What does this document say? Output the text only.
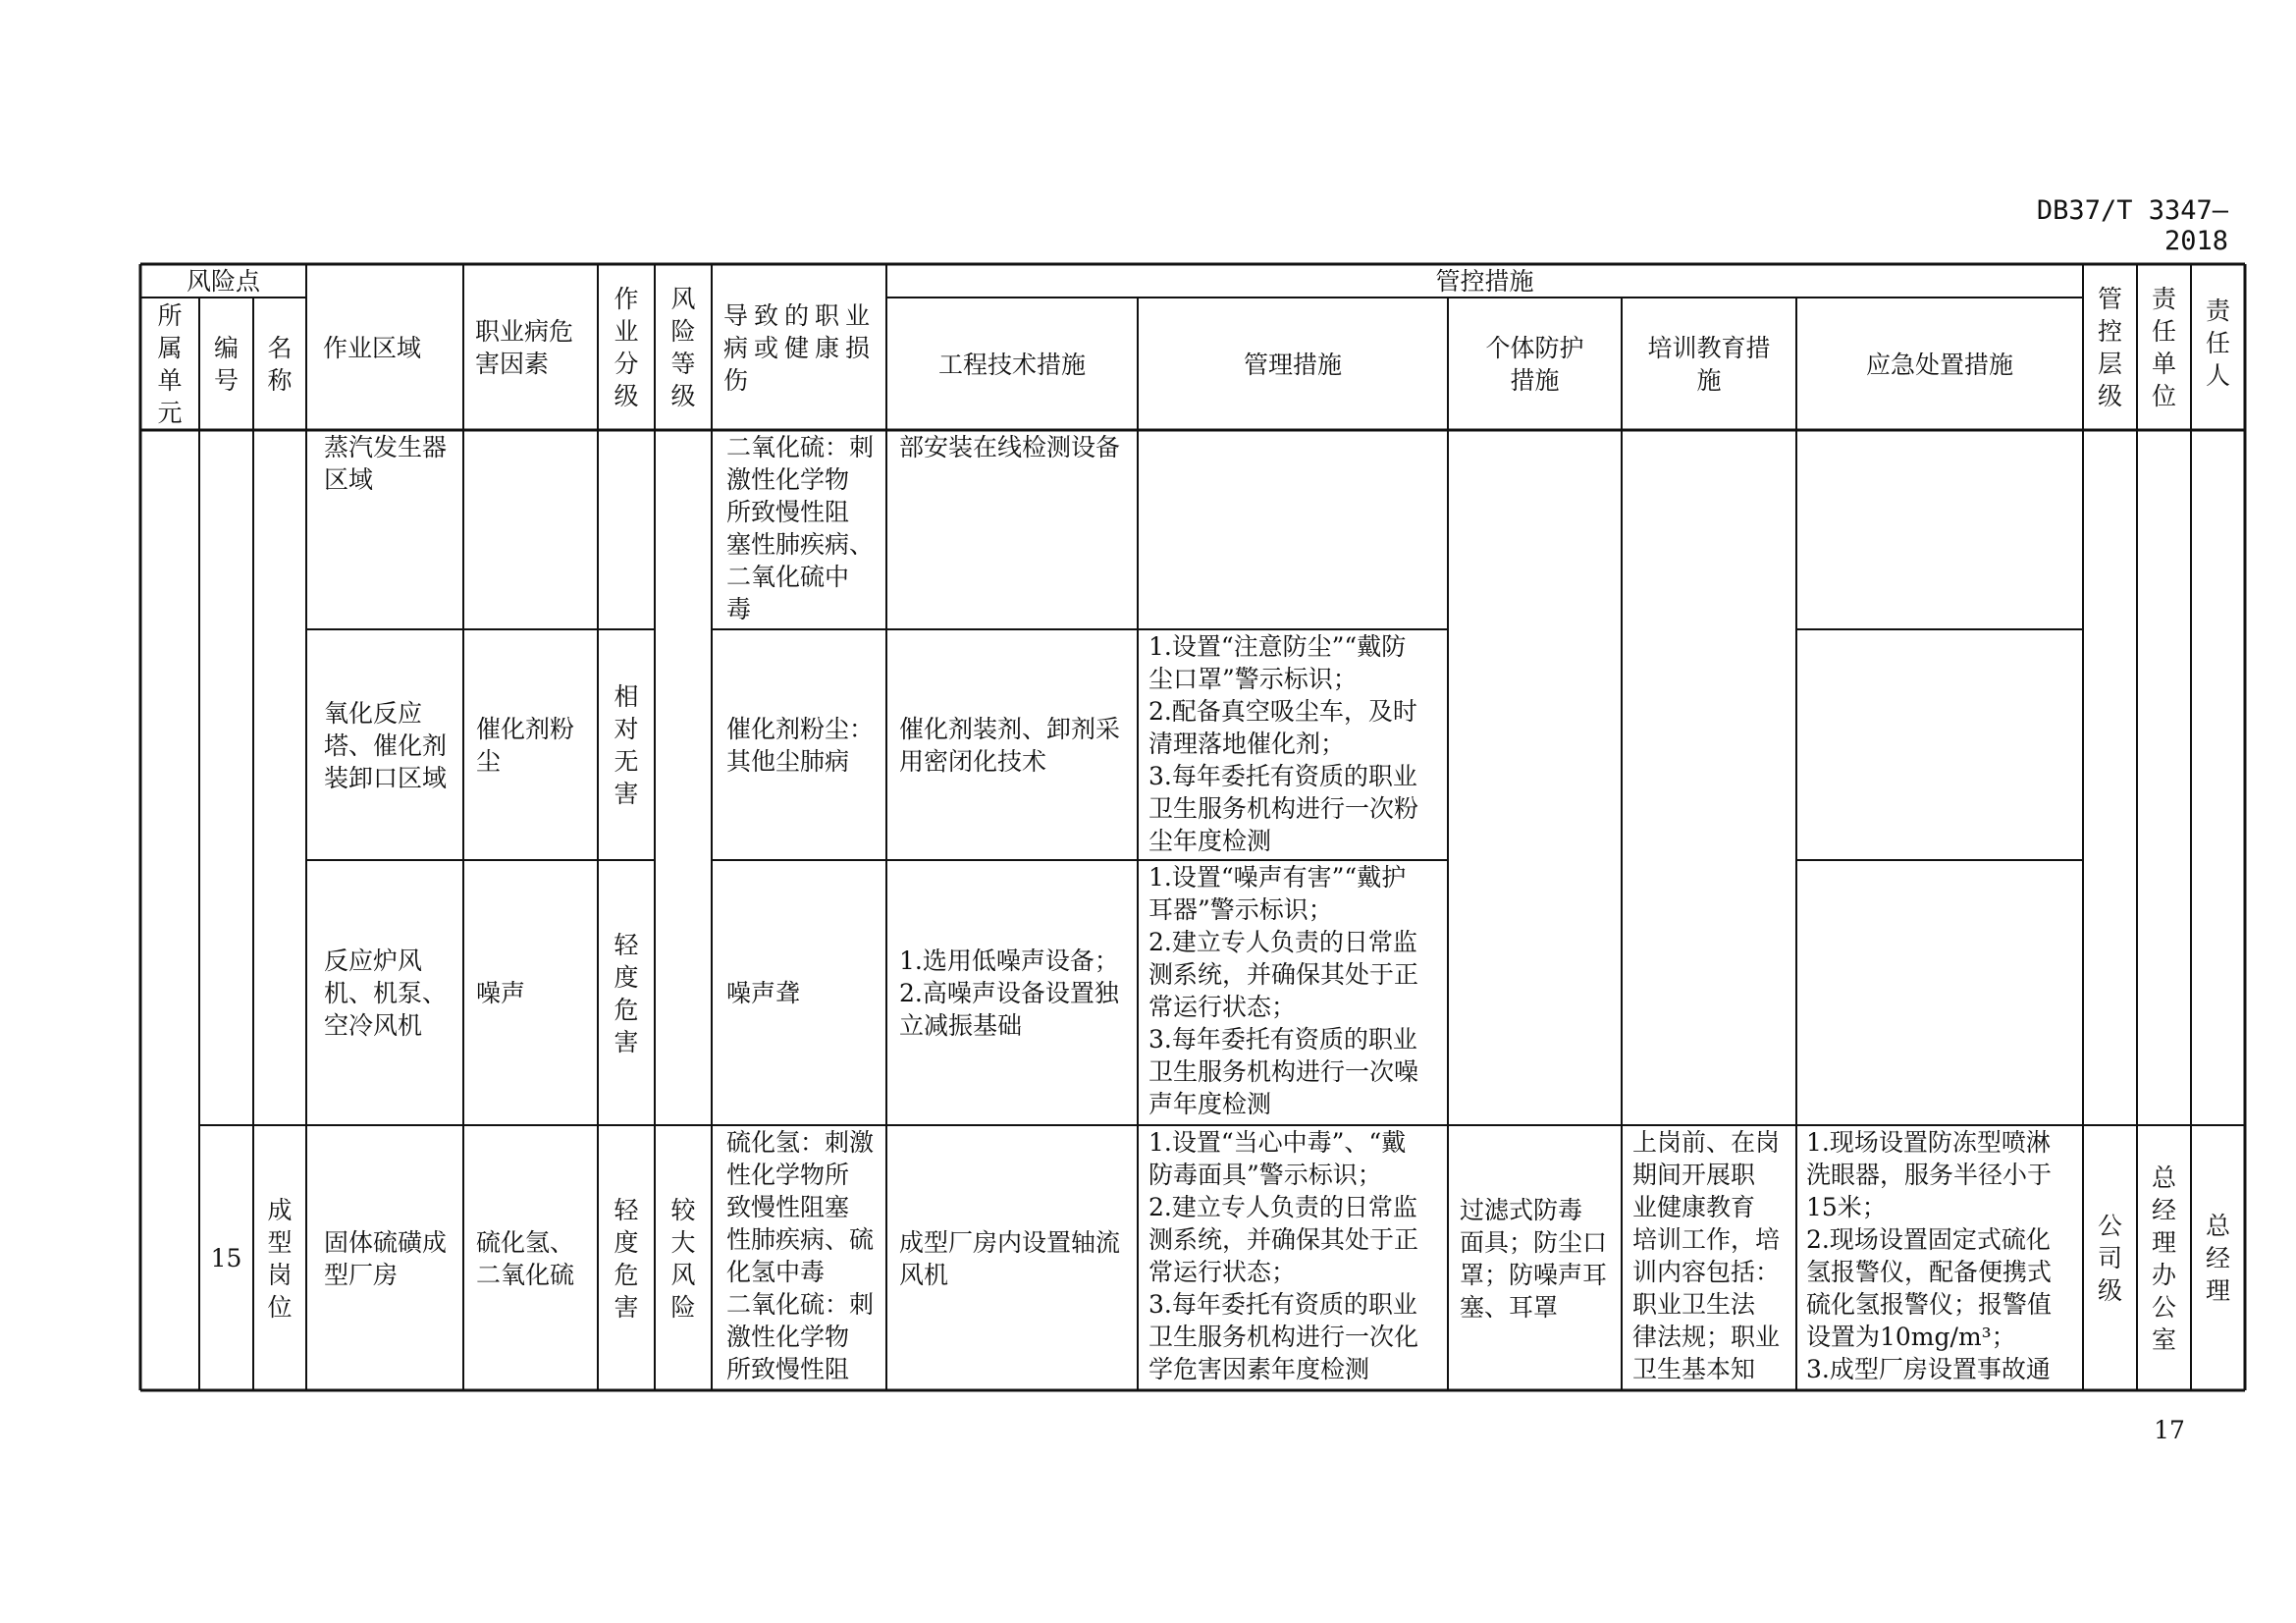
DB37/T 3347—2018
17
风险点
所
属
单
元
编
号
名
称
作业区域
职业病危
害因素
作
业
分
级
风
险
等
级
导致的职业
病或健康损
伤
管控措施
工程技术措施	管理措施
个体防护
措施
培训教育措
施
应急处置措施
管
控
层
级
责
任
单
位
责
任
人
蒸汽发生器
区域
二氧化硫：刺
激性化学物
所致慢性阻
塞性肺疾病、
二氧化硫中
毒
部安装在线检测设备
氧化反应
塔、催化剂
装卸口区域
催化剂粉
尘
相
对
无
害
催化剂粉尘：
其他尘肺病
催化剂装剂、卸剂采
用密闭化技术
1.设置“注意防尘”“戴防
尘口罩”警示标识；
2.配备真空吸尘车，及时
清理落地催化剂；
3.每年委托有资质的职业
卫生服务机构进行一次粉
尘年度检测
反应炉风
机、机泵、
空冷风机
噪声
轻
度
危
害
噪声聋
1.选用低噪声设备；
2.高噪声设备设置独
立减振基础
1.设置“噪声有害”“戴护
耳器”警示标识；
2.建立专人负责的日常监
测系统，并确保其处于正
常运行状态；
3.每年委托有资质的职业
卫生服务机构进行一次噪
声年度检测
15
成
型
岗
位
固体硫磺成
型厂房
硫化氢、
二氧化硫
轻
度
危
害
较
大
风
险
硫化氢：刺激
性化学物所
致慢性阻塞
性肺疾病、硫
化氢中毒
二氧化硫：刺
激性化学物
所致慢性阻
成型厂房内设置轴流
风机
1.设置“当心中毒”、“戴
防毒面具”警示标识；
2.建立专人负责的日常监
测系统，并确保其处于正
常运行状态；
3.每年委托有资质的职业
卫生服务机构进行一次化
学危害因素年度检测
过滤式防毒
面具；防尘口
罩；防噪声耳
塞、耳罩
上岗前、在岗
期间开展职
业健康教育
培训工作，培
训内容包括：
职业卫生法
律法规；职业
卫生基本知
1.现场设置防冻型喷淋
洗眼器，服务半径小于
15米；
2.现场设置固定式硫化
氢报警仪，配备便携式
硫化氢报警仪；报警值
设置为10mg/m³；
3.成型厂房设置事故通
公
司
级
总
经
理
办
公
室
总
经
理
